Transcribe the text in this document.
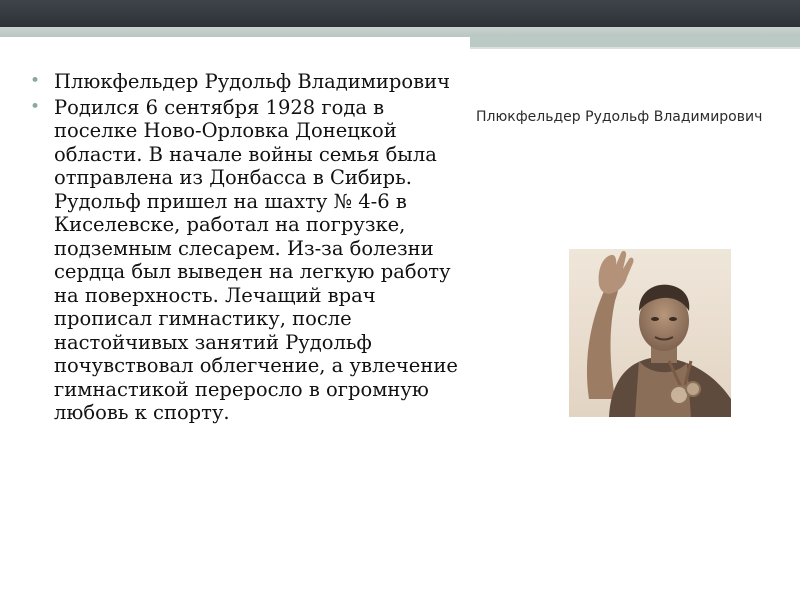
• Плюкфельдер Рудольф Владимирович
• Родился 6 сентября 1928 года в поселке Ново-Орловка Донецкой области. В начале войны семья была отправлена из Донбасса в Сибирь. Рудольф пришел на шахту № 4-6 в Киселевске, работал на погрузке, подземным слесарем. Из-за болезни сердца был выведен на легкую работу на поверхность. Лечащий врач прописал гимнастику, после настойчивых занятий Рудольф почувствовал облегчение, а увлечение гимнастикой переросло в огромную любовь к спорту.
Плюкфельдер Рудольф Владимирович
